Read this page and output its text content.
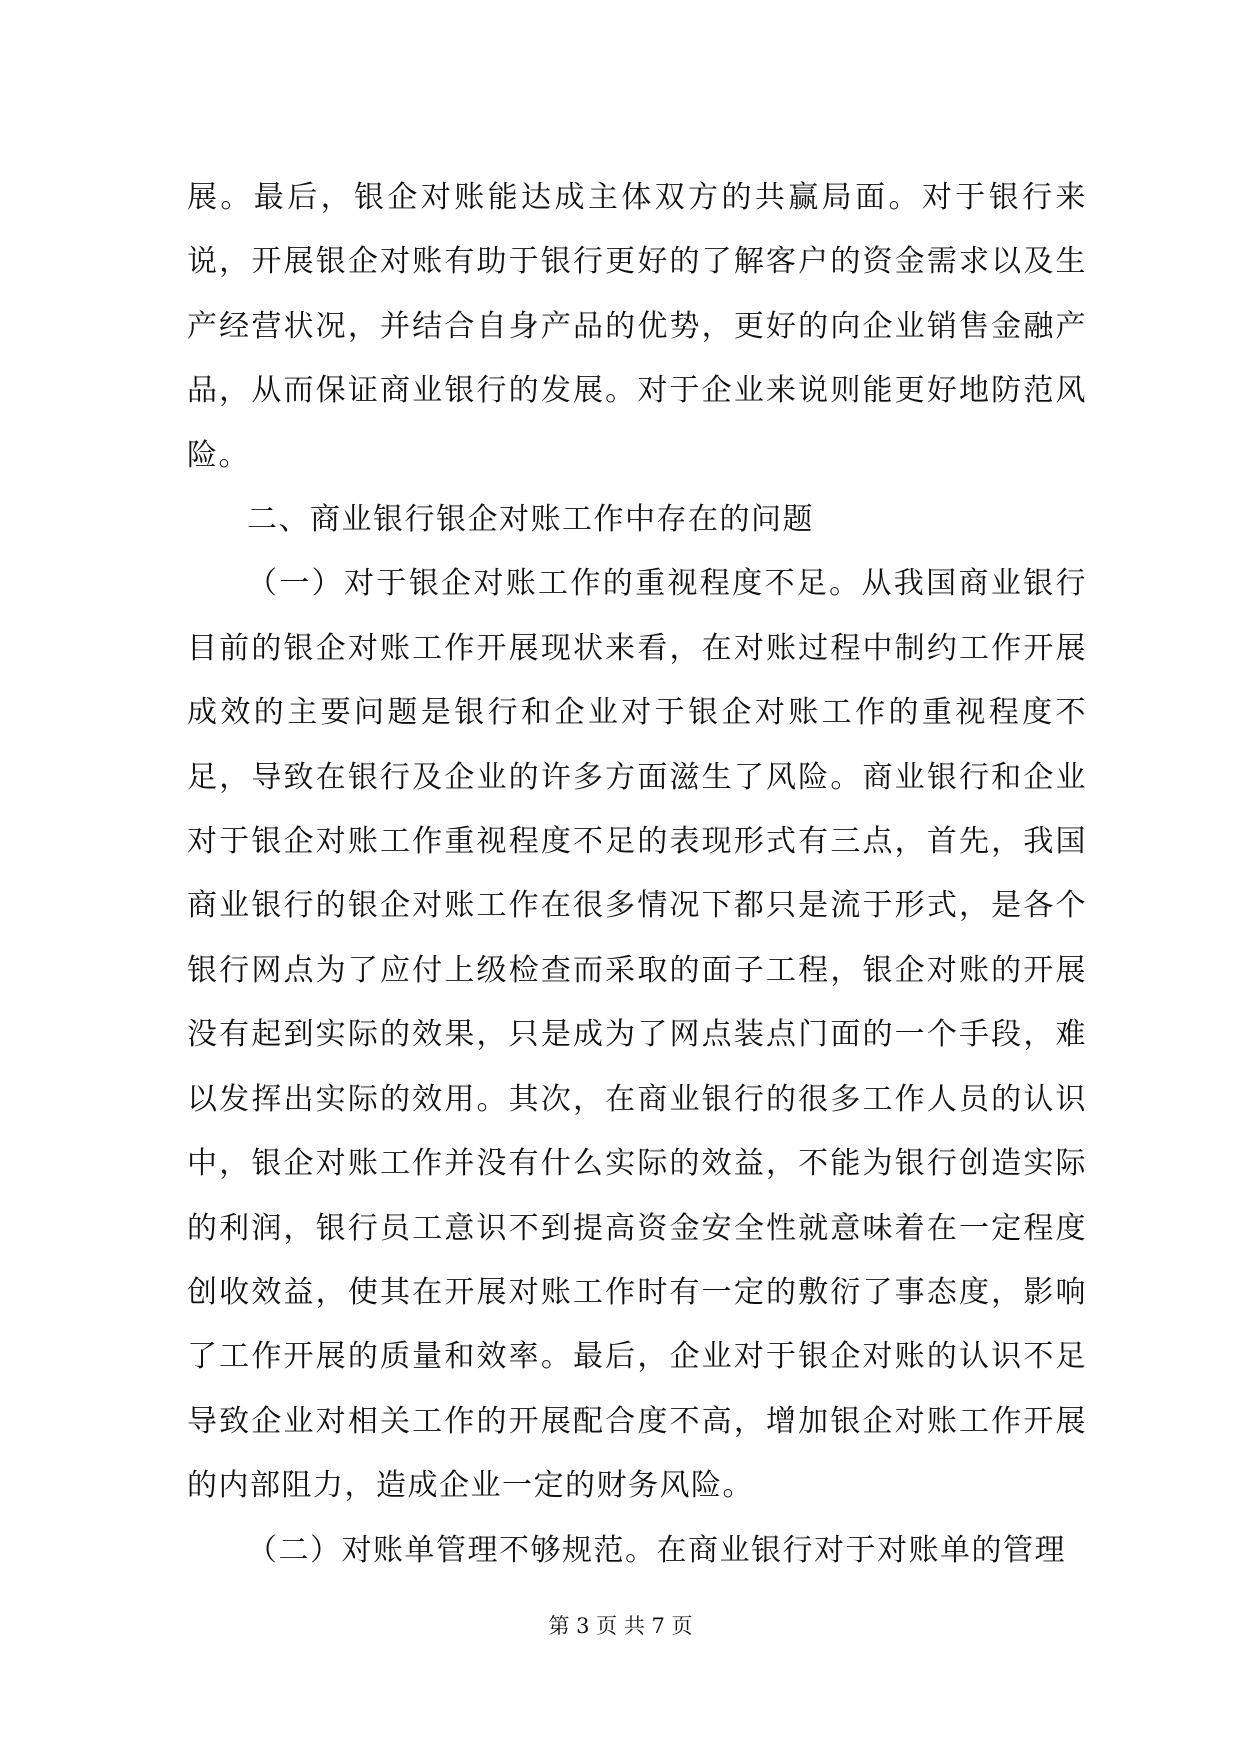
展。最后，银企对账能达成主体双方的共赢局面。对于银行来说，开展银企对账有助于银行更好的了解客户的资金需求以及生产经营状况，并结合自身产品的优势，更好的向企业销售金融产品，从而保证商业银行的发展。对于企业来说则能更好地防范风险。

二、商业银行银企对账工作中存在的问题

（一）对于银企对账工作的重视程度不足。从我国商业银行目前的银企对账工作开展现状来看，在对账过程中制约工作开展成效的主要问题是银行和企业对于银企对账工作的重视程度不足，导致在银行及企业的许多方面滋生了风险。商业银行和企业对于银企对账工作重视程度不足的表现形式有三点，首先，我国商业银行的银企对账工作在很多情况下都只是流于形式，是各个银行网点为了应付上级检查而采取的面子工程，银企对账的开展没有起到实际的效果，只是成为了网点装点门面的一个手段，难以发挥出实际的效用。其次，在商业银行的很多工作人员的认识中，银企对账工作并没有什么实际的效益，不能为银行创造实际的利润，银行员工意识不到提高资金安全性就意味着在一定程度创收效益，使其在开展对账工作时有一定的敷衍了事态度，影响了工作开展的质量和效率。最后，企业对于银企对账的认识不足导致企业对相关工作的开展配合度不高，增加银企对账工作开展的内部阻力，造成企业一定的财务风险。

（二）对账单管理不够规范。在商业银行对于对账单的管理

第 3 页 共 7 页
